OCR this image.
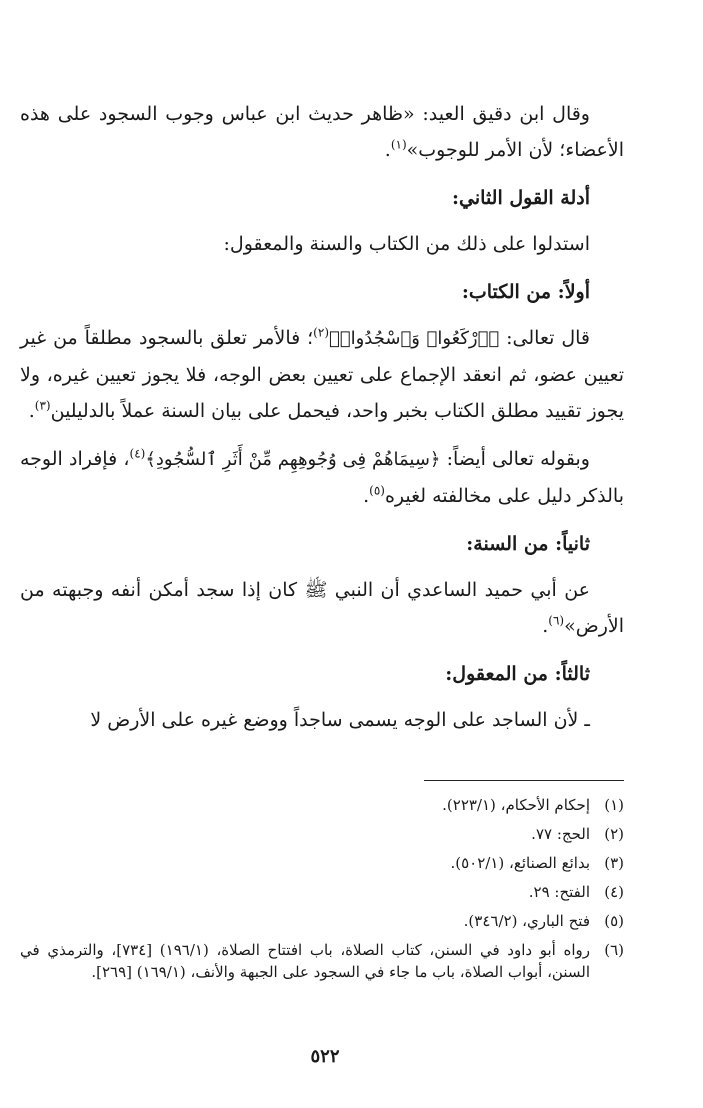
وقال ابن دقيق العيد: «ظاهر حديث ابن عباس وجوب السجود على هذه الأعضاء؛ لأن الأمر للوجوب»$^{(١)}$.

أدلة القول الثاني:

استدلوا على ذلك من الكتاب والسنة والمعقول:

أولاً: من الكتاب:

قال تعالى: ﴿ٱرْكَعُوا۟ وَٱسْجُدُوا۟﴾$^{(٢)}$؛ فالأمر تعلق بالسجود مطلقاً من غير تعيين عضو، ثم انعقد الإجماع على تعيين بعض الوجه، فلا يجوز تعيين غيره، ولا يجوز تقييد مطلق الكتاب بخبر واحد، فيحمل على بيان السنة عملاً بالدليلين$^{(٣)}$.

وبقوله تعالى أيضاً: ﴿سِيمَاهُمْ فِى وُجُوهِهِم مِّنْ أَثَرِ ٱلسُّجُودِ﴾$^{(٤)}$، فإفراد الوجه بالذكر دليل على مخالفته لغيره$^{(٥)}$.

ثانياً: من السنة:

عن أبي حميد الساعدي أن النبي ﷺ كان إذا سجد أمكن أنفه وجبهته من الأرض»$^{(٦)}$.

ثالثاً: من المعقول:

ـ لأن الساجد على الوجه يسمى ساجداً ووضع غيره على الأرض لا

(١)
إحكام الأحكام، (٢٢٣/١).
(٢)
الحج: ٧٧.
(٣)
بدائع الصنائع، (٥٠٢/١).
(٤)
الفتح: ٢٩.
(٥)
فتح الباري، (٣٤٦/٢).
(٦)
رواه أبو داود في السنن، كتاب الصلاة، باب افتتاح الصلاة، (١٩٦/١) [٧٣٤]، والترمذي في السنن، أبواب الصلاة، باب ما جاء في السجود على الجبهة والأنف، (١٦٩/١) [٢٦٩].
٥٢٢
